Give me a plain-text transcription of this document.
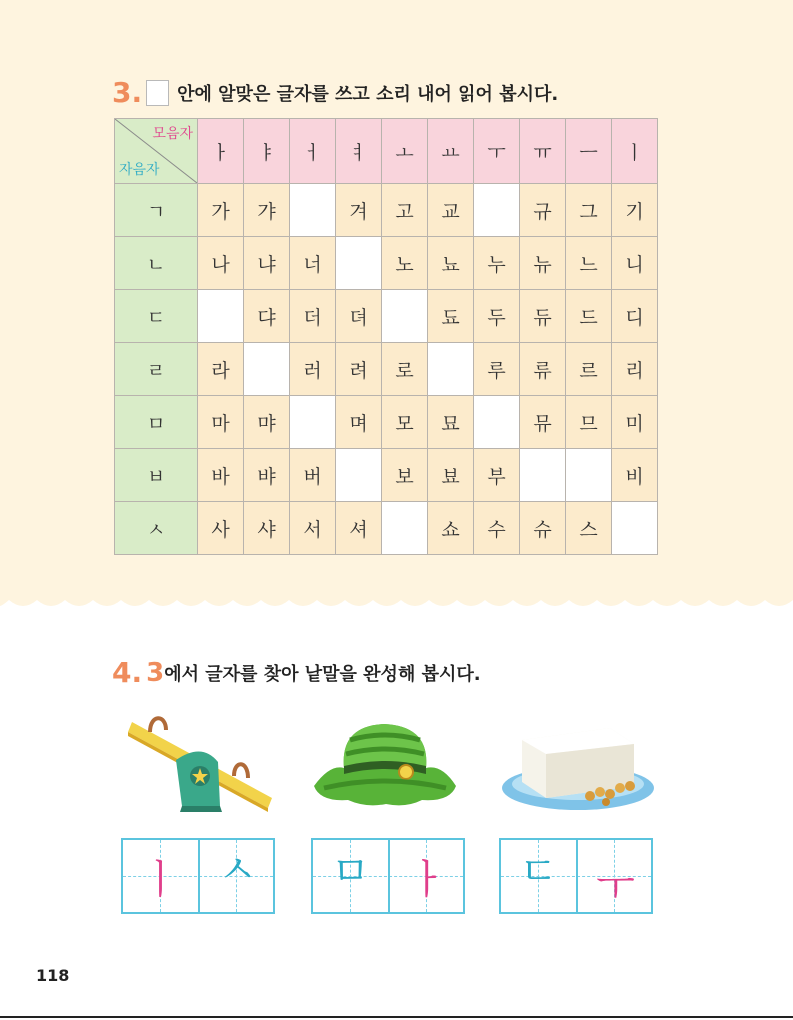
3. 안에 알맞은 글자를 쓰고 소리 내어 읽어 봅시다.
모음자
자음자	ㅏ	ㅑ	ㅓ	ㅕ	ㅗ	ㅛ	ㅜ	ㅠ	ㅡ	ㅣ
ㄱ	가	갸		겨	고	교		규	그	기
ㄴ	나	냐	너		노	뇨	누	뉴	느	니
ㄷ		댜	더	뎌		됴	두	듀	드	디
ㄹ	라		러	려	로		루	류	르	리
ㅁ	마	먀		며	모	묘		뮤	므	미
ㅂ	바	뱌	버		보	뵤	부			비
ㅅ	사	샤	서	셔		쇼	수	슈	스	
4. 3 에서 글자를 찾아 낱말을 완성해 봅시다.
ㅣ ㅅ	ㅁ ㅏ	ㄷ ㅜ
118
